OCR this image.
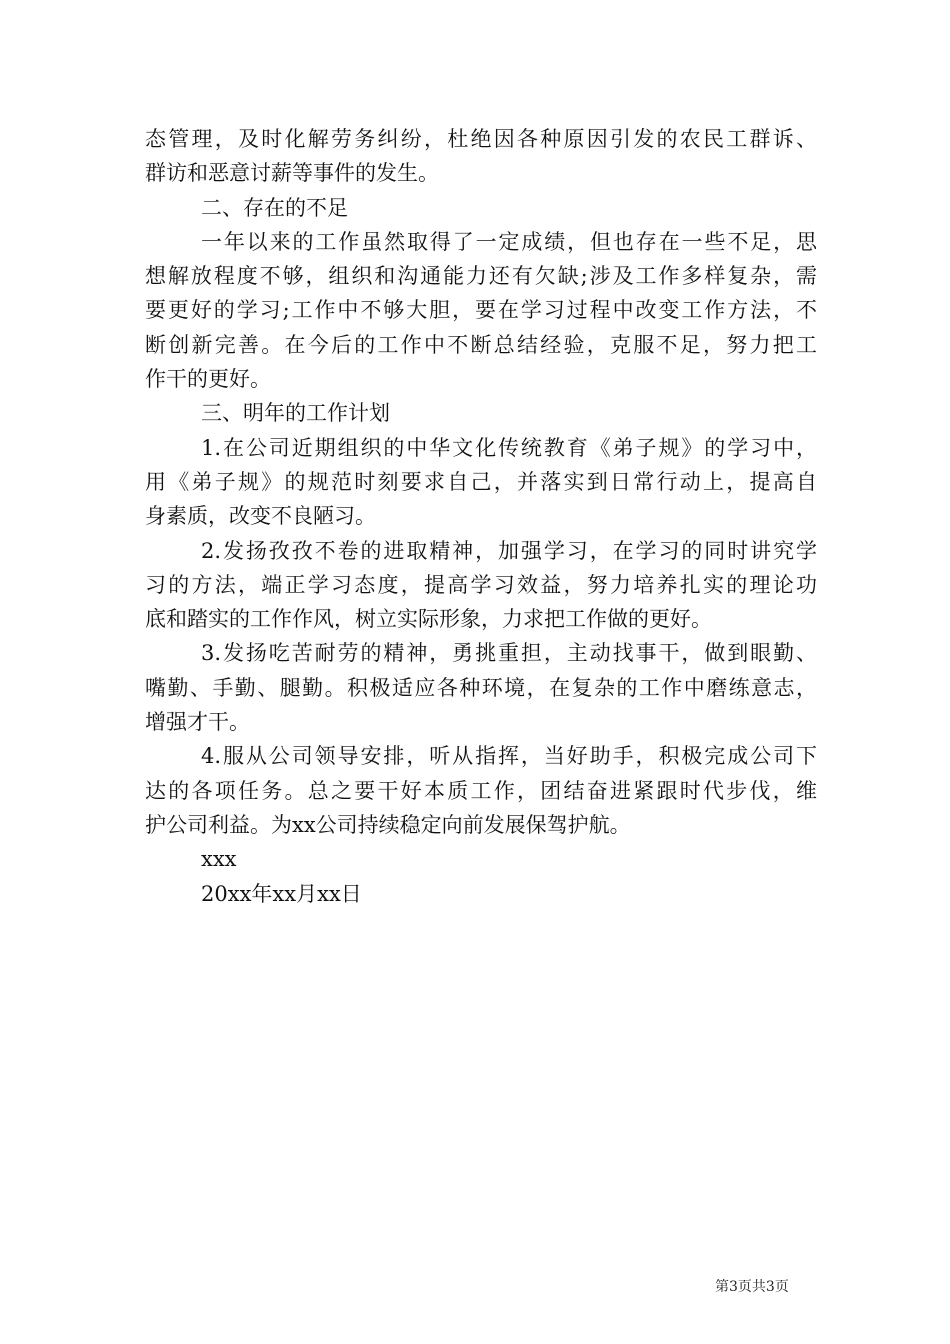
态管理，及时化解劳务纠纷，杜绝因各种原因引发的农民工群诉、
群访和恶意讨薪等事件的发生。
二、存在的不足
一年以来的工作虽然取得了一定成绩，但也存在一些不足，思
想解放程度不够，组织和沟通能力还有欠缺;涉及工作多样复杂，需
要更好的学习;工作中不够大胆，要在学习过程中改变工作方法，不
断创新完善。在今后的工作中不断总结经验，克服不足，努力把工
作干的更好。
三、明年的工作计划
1.在公司近期组织的中华文化传统教育《弟子规》的学习中，
用《弟子规》的规范时刻要求自己，并落实到日常行动上，提高自
身素质，改变不良陋习。
2.发扬孜孜不卷的进取精神，加强学习，在学习的同时讲究学
习的方法，端正学习态度，提高学习效益，努力培养扎实的理论功
底和踏实的工作作风，树立实际形象，力求把工作做的更好。
3.发扬吃苦耐劳的精神，勇挑重担，主动找事干，做到眼勤、
嘴勤、手勤、腿勤。积极适应各种环境，在复杂的工作中磨练意志，
增强才干。
4.服从公司领导安排，听从指挥，当好助手，积极完成公司下
达的各项任务。总之要干好本质工作，团结奋进紧跟时代步伐，维
护公司利益。为xx公司持续稳定向前发展保驾护航。
xxx
20xx年xx月xx日
第3页共3页
